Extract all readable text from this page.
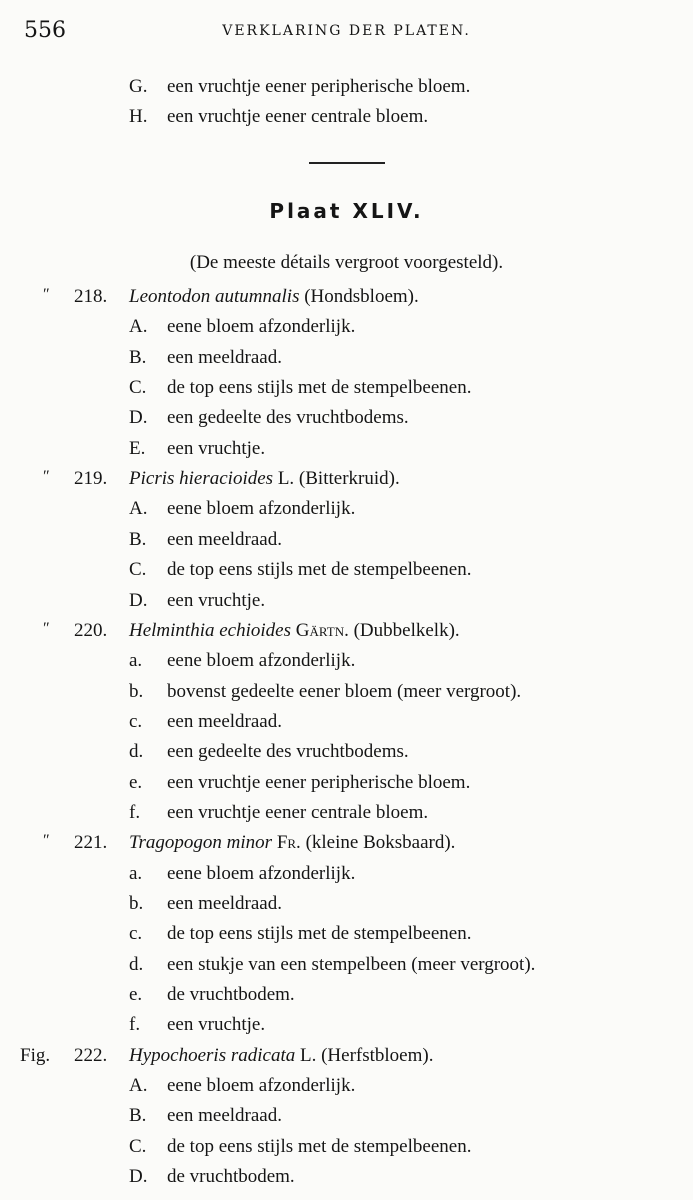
556	VERKLARING DER PLATEN.
G. een vruchtje eener peripherische bloem.
H. een vruchtje eener centrale bloem.
Plaat XLIV.
(De meeste détails vergroot voorgesteld).
″ 218. Leontodon autumnalis (Hondsbloem).
A. eene bloem afzonderlijk.
B. een meeldraad.
C. de top eens stijls met de stempelbeenen.
D. een gedeelte des vruchtbodems.
E. een vruchtje.
″ 219. Picris hieracioides L. (Bitterkruid).
A. eene bloem afzonderlijk.
B. een meeldraad.
C. de top eens stijls met de stempelbeenen.
D. een vruchtje.
″ 220. Helminthia echioides Gärtn. (Dubbelkelk).
a. eene bloem afzonderlijk.
b. bovenst gedeelte eener bloem (meer vergroot).
c. een meeldraad.
d. een gedeelte des vruchtbodems.
e. een vruchtje eener peripherische bloem.
f. een vruchtje eener centrale bloem.
″ 221. Tragopogon minor Fr. (kleine Boksbaard).
a. eene bloem afzonderlijk.
b. een meeldraad.
c. de top eens stijls met de stempelbeenen.
d. een stukje van een stempelbeen (meer vergroot).
e. de vruchtbodem.
f. een vruchtje.
Fig. 222. Hypochoeris radicata L. (Herfstbloem).
A. eene bloem afzonderlijk.
B. een meeldraad.
C. de top eens stijls met de stempelbeenen.
D. de vruchtbodem.
